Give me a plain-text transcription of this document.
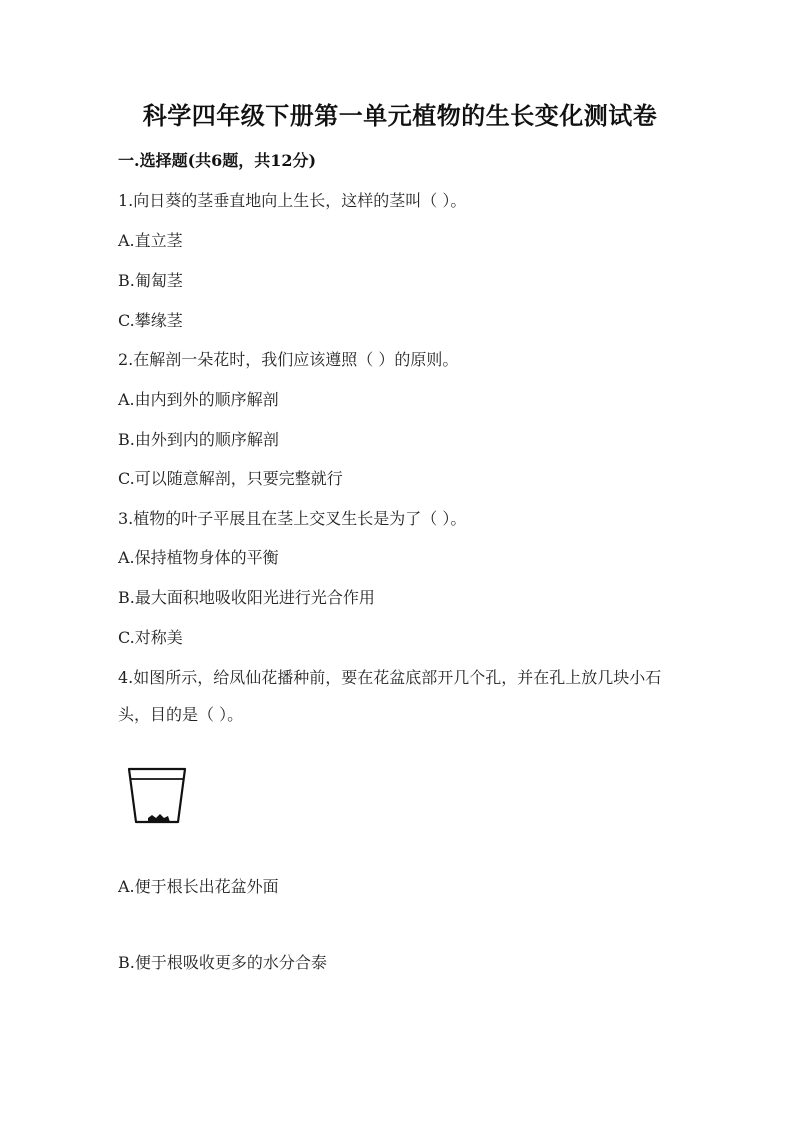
科学四年级下册第一单元植物的生长变化测试卷
一.选择题(共6题，共12分)
1.向日葵的茎垂直地向上生长，这样的茎叫（ ）。
A.直立茎
B.匍匐茎
C.攀缘茎
2.在解剖一朵花时，我们应该遵照（ ）的原则。
A.由内到外的顺序解剖
B.由外到内的顺序解剖
C.可以随意解剖，只要完整就行
3.植物的叶子平展且在茎上交叉生长是为了（ ）。
A.保持植物身体的平衡
B.最大面积地吸收阳光进行光合作用
C.对称美
4.如图所示，给凤仙花播种前，要在花盆底部开几个孔，并在孔上放几块小石
头，目的是（ ）。
A.便于根长出花盆外面
B.便于根吸收更多的水分合泰
